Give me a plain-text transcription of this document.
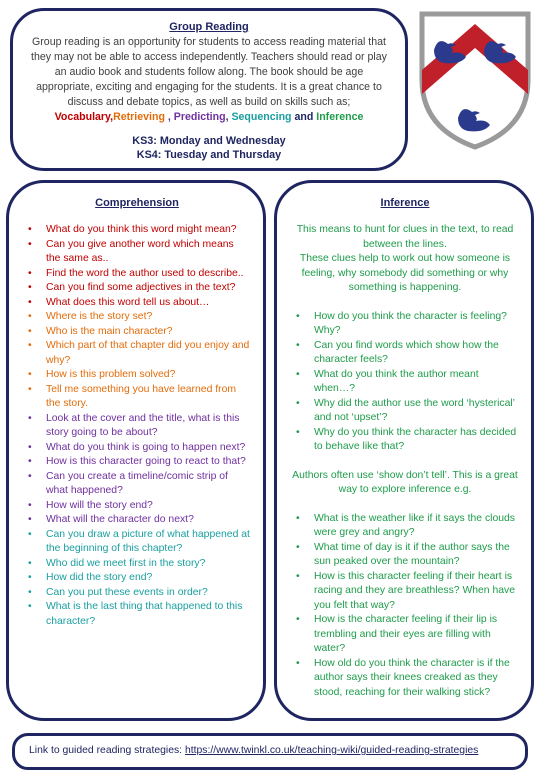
Group Reading
Group reading is an opportunity for students to access reading material that they may not be able to access independently. Teachers should read or play an audio book and students follow along. The book should be age appropriate, exciting and engaging for the students. It is a great chance to discuss and debate topics, as well as build on skills such as; Vocabulary,Retrieving , Predicting, Sequencing and Inference
KS3: Monday and Wednesday
KS4: Tuesday and Thursday
Comprehension
• What do you think this word might mean?
• Can you give another word which means the same as..
• Find the word the author used to describe..
• Can you find some adjectives in the text?
• What does this word tell us about…
• Where is the story set?
• Who is the main character?
• Which part of that chapter did you enjoy and why?
• How is this problem solved?
• Tell me something you have learned from the story.
• Look at the cover and the title, what is this story going to be about?
• What do you think is going to happen next?
• How is this character going to react to that?
• Can you create a timeline/comic strip of what happened?
• How will the story end?
• What will the character do next?
• Can you draw a picture of what happened at the beginning of this chapter?
• Who did we meet first in the story?
• How did the story end?
• Can you put these events in order?
• What is the last thing that happened to this character?
Inference
This means to hunt for clues in the text, to read between the lines.
These clues help to work out how someone is feeling, why somebody did something or why something is happening.
• How do you think the character is feeling? Why?
• Can you find words which show how the character feels?
• What do you think the author meant when…?
• Why did the author use the word ‘hysterical’ and not ‘upset’?
• Why do you think the character has decided to behave like that?
Authors often use ‘show don’t tell’. This is a great way to explore inference e.g.
• What is the weather like if it says the clouds were grey and angry?
• What time of day is it if the author says the sun peaked over the mountain?
• How is this character feeling if their heart is racing and they are breathless? When have you felt that way?
• How is the character feeling if their lip is trembling and their eyes are filling with water?
• How old do you think the character is if the author says their knees creaked as they stood, reaching for their walking stick?
Link to guided reading strategies: https://www.twinkl.co.uk/teaching-wiki/guided-reading-strategies
